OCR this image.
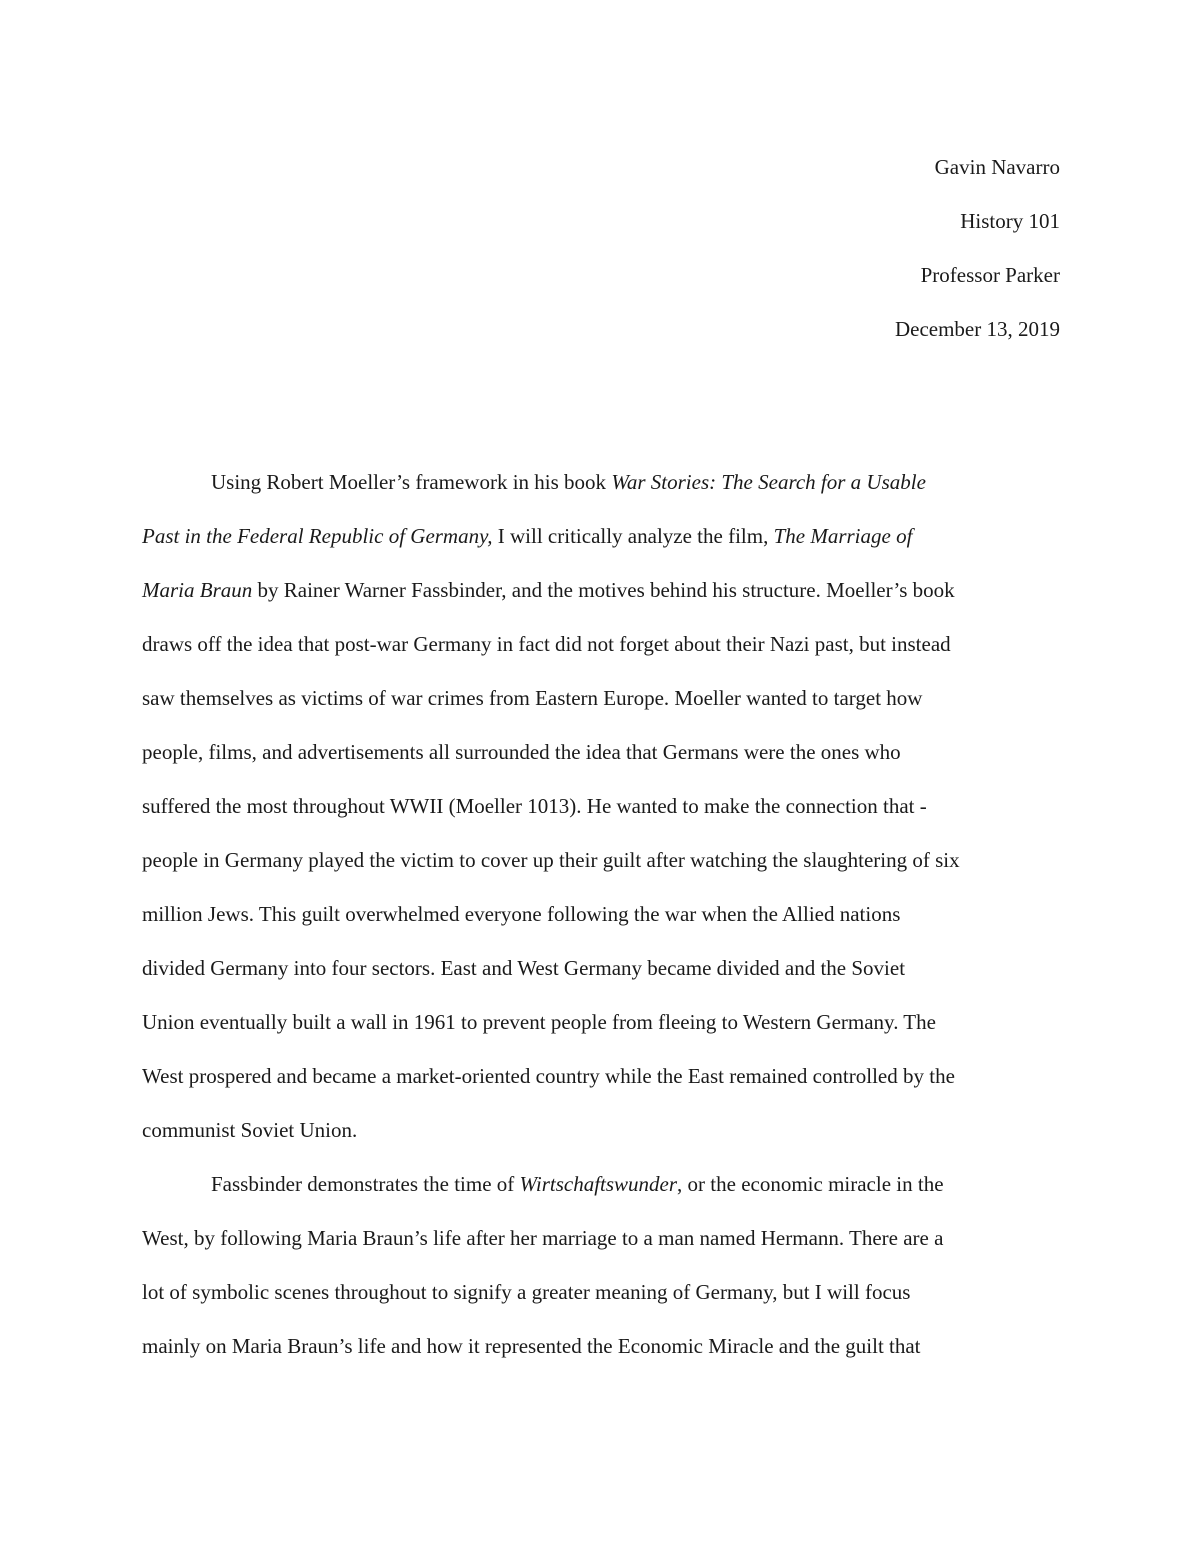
Gavin Navarro
History 101
Professor Parker
December 13, 2019
Using Robert Moeller’s framework in his book War Stories: The Search for a Usable
Past in the Federal Republic of Germany, I will critically analyze the film, The Marriage of
Maria Braun by Rainer Warner Fassbinder, and the motives behind his structure. Moeller’s book
draws off the idea that post-war Germany in fact did not forget about their Nazi past, but instead
saw themselves as victims of war crimes from Eastern Europe. Moeller wanted to target how
people, films, and advertisements all surrounded the idea that Germans were the ones who
suffered the most throughout WWII (Moeller 1013). He wanted to make the connection that -
people in Germany played the victim to cover up their guilt after watching the slaughtering of six
million Jews. This guilt overwhelmed everyone following the war when the Allied nations
divided Germany into four sectors. East and West Germany became divided and the Soviet
Union eventually built a wall in 1961 to prevent people from fleeing to Western Germany. The
West prospered and became a market-oriented country while the East remained controlled by the
communist Soviet Union.
Fassbinder demonstrates the time of Wirtschaftswunder, or the economic miracle in the
West, by following Maria Braun’s life after her marriage to a man named Hermann. There are a
lot of symbolic scenes throughout to signify a greater meaning of Germany, but I will focus
mainly on Maria Braun’s life and how it represented the Economic Miracle and the guilt that
